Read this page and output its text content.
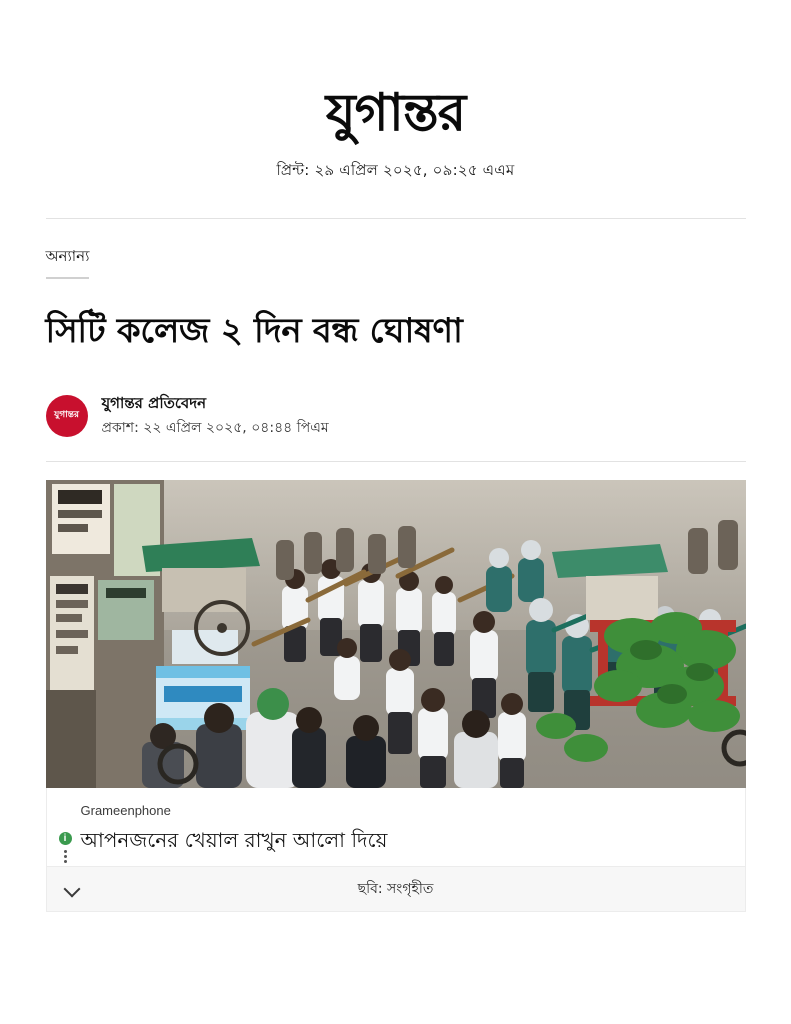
যুগান্তর
প্রিন্ট: ২৯ এপ্রিল ২০২৫, ০৯:২৫ এএম
অন্যান্য
সিটি কলেজ ২ দিন বন্ধ ঘোষণা
যুগান্তর
যুগান্তর প্রতিবেদন
প্রকাশ: ২২ এপ্রিল ২০২৫, ০৪:৪৪ পিএম
i
Grameenphone
আপনজনের খেয়াল রাখুন আলো দিয়ে
ছবি: সংগৃহীত
